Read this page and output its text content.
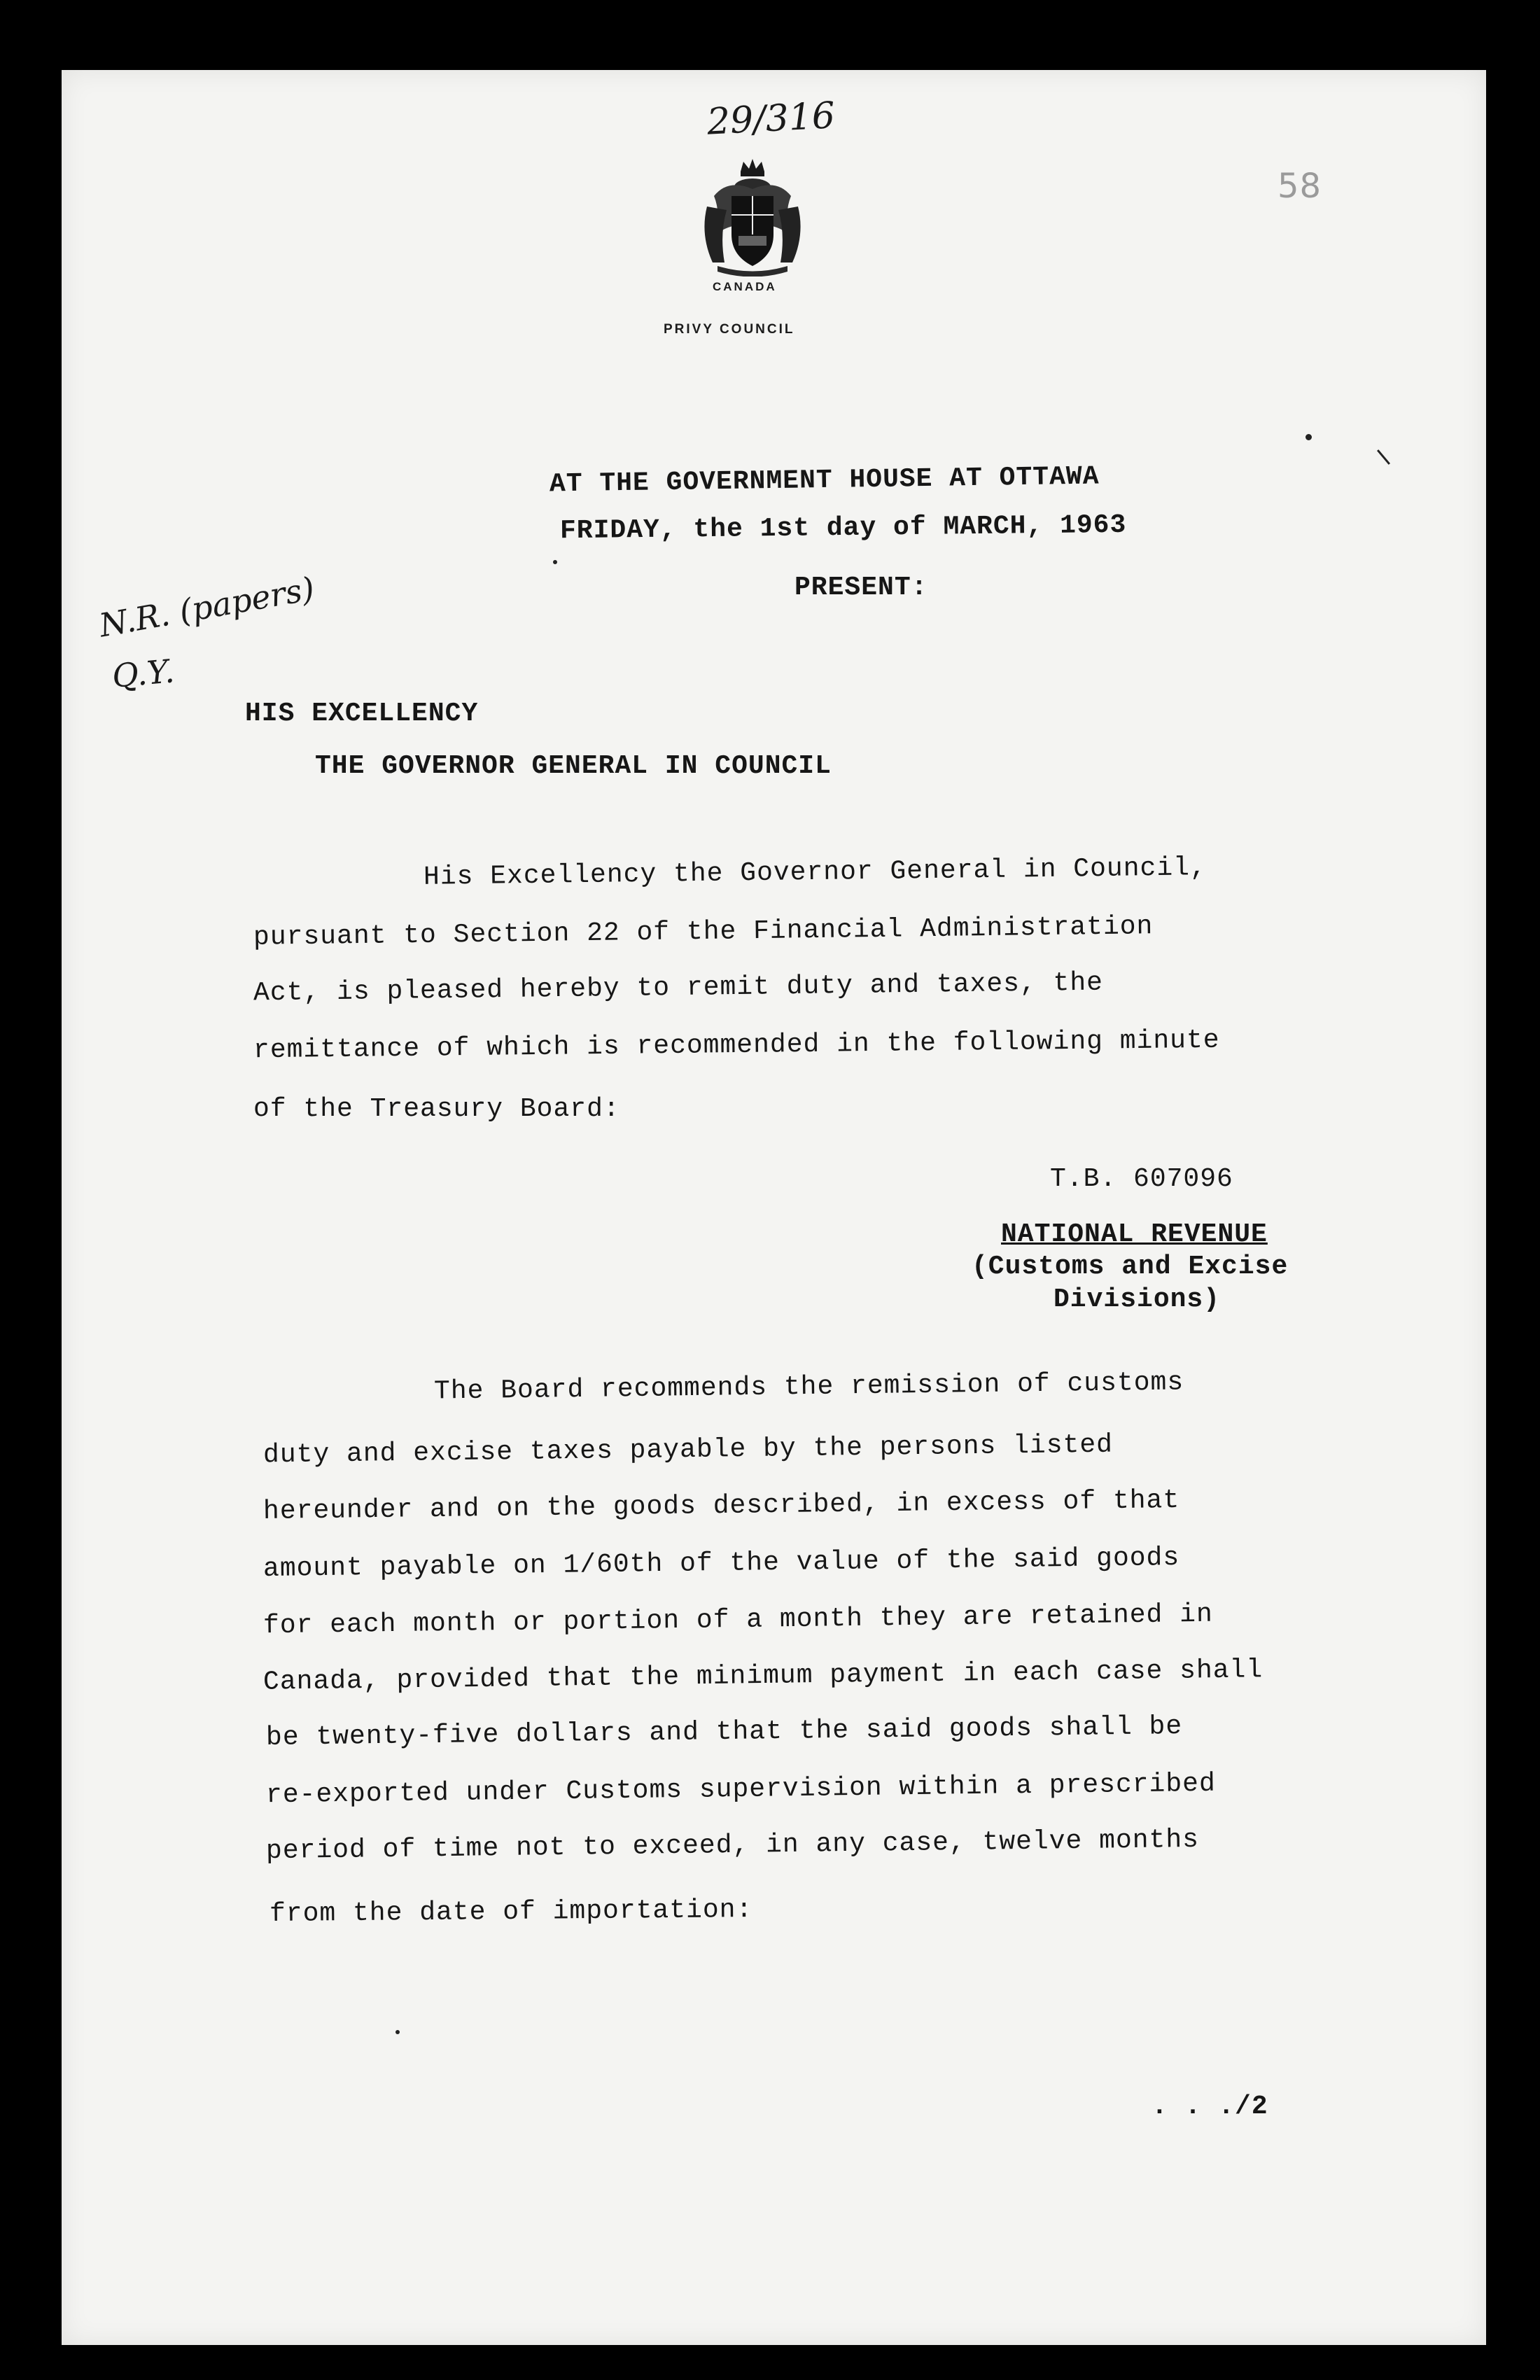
29/316
58
CANADA
PRIVY COUNCIL
AT THE GOVERNMENT HOUSE AT OTTAWA
FRIDAY, the 1st day of MARCH, 1963
PRESENT:
N.R. (papers)
Q.Y.
HIS EXCELLENCY
THE GOVERNOR GENERAL IN COUNCIL
His Excellency the Governor General in Council,
pursuant to Section 22 of the Financial Administration
Act, is pleased hereby to remit duty and taxes, the
remittance of which is recommended in the following minute
of the Treasury Board:
T.B. 607096
NATIONAL REVENUE
(Customs and Excise
Divisions)
The Board recommends the remission of customs
duty and excise taxes payable by the persons listed
hereunder and on the goods described, in excess of that
amount payable on 1/60th of the value of the said goods
for each month or portion of a month they are retained in
Canada, provided that the minimum payment in each case shall
be twenty-five dollars and that the said goods shall be
re-exported under Customs supervision within a prescribed
period of time not to exceed, in any case, twelve months
from the date of importation:
. . ./2
